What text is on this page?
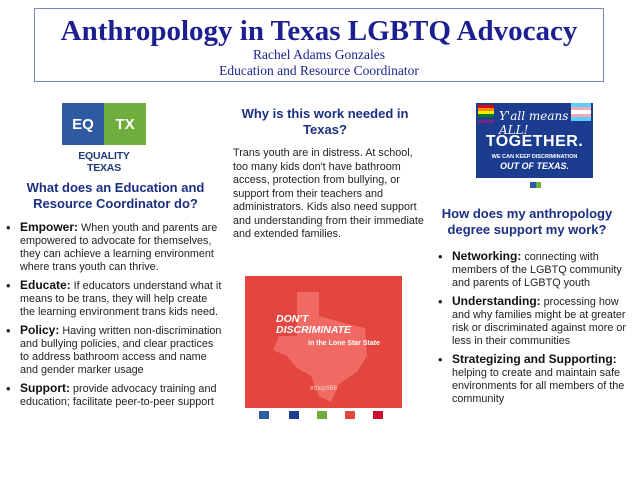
Anthropology in Texas LGBTQ Advocacy
Rachel Adams Gonzales
Education and Resource Coordinator
EQ	TX
EQUALITY TEXAS
What does an Education and Resource Coordinator do?
• Empower: When youth and parents are empowered to advocate for themselves, they can achieve a learning environment where trans youth can thrive.
• Educate: If educators understand what it means to be trans, they will help create the learning environment trans kids need.
• Policy: Having written non-discrimination and bullying policies, and clear practices to address bathroom access and name and gender marker usage
• Support: provide advocacy training and education; facilitate peer-to-peer support
Why is this work needed in Texas?
Trans youth are in distress. At school, too many kids don't have bathroom access, protection from bullying, or support from their teachers and administrators. Kids also need support and understanding from their immediate and extended families.
DON'T DISCRIMINATE
in the Lone Star State
#StopSB6
Y'all means ALL!
TOGETHER.
WE CAN KEEP DISCRIMINATION
OUT OF TEXAS.
How does my anthropology degree support my work?
• Networking: connecting with members of the LGBTQ community and parents of LGBTQ youth
• Understanding: processing how and why families might be at greater risk or discriminated against more or less in their communities
• Strategizing and Supporting: helping to create and maintain safe environments for all members of the community
